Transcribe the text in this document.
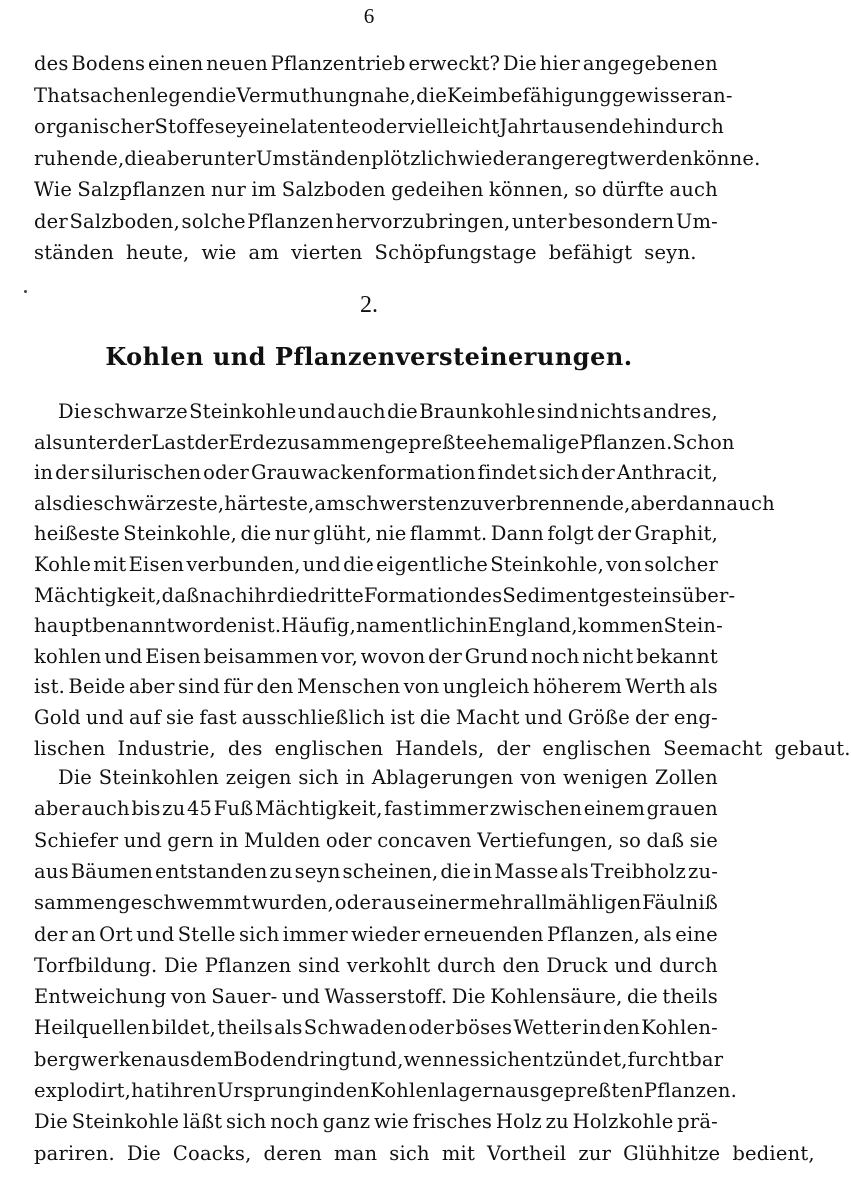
6
des Bodens einen neuen Pflanzentrieb erweckt? Die hier angegebenen
Thatsachen legen die Vermuthung nahe, die Keimbefähigung gewisser an-
organischer Stoffe sey eine latente oder vielleicht Jahrtausende hindurch
ruhende, die aber unter Umständen plötzlich wieder angeregt werden könne.
Wie Salzpflanzen nur im Salzboden gedeihen können, so dürfte auch
der Salzboden, solche Pflanzen hervorzubringen, unter besondern Um-
ständen heute, wie am vierten Schöpfungstage befähigt seyn.
2.
Kohlen und Pflanzenversteinerungen.
Die schwarze Steinkohle und auch die Braunkohle sind nichts andres,
als unter der Last der Erde zusammengepreßte ehemalige Pflanzen. Schon
in der silurischen oder Grauwackenformation findet sich der Anthracit,
als die schwärzeste, härteste, am schwersten zu verbrennende, aber dann auch
heißeste Steinkohle, die nur glüht, nie flammt. Dann folgt der Graphit,
Kohle mit Eisen verbunden, und die eigentliche Steinkohle, von solcher
Mächtigkeit, daß nach ihr die dritte Formation des Sedimentgesteins über-
haupt benannt worden ist. Häufig, namentlich in England, kommen Stein-
kohlen und Eisen beisammen vor, wovon der Grund noch nicht bekannt
ist. Beide aber sind für den Menschen von ungleich höherem Werth als
Gold und auf sie fast ausschließlich ist die Macht und Größe der eng-
lischen Industrie, des englischen Handels, der englischen Seemacht gebaut.
Die Steinkohlen zeigen sich in Ablagerungen von wenigen Zollen
aber auch bis zu 45 Fuß Mächtigkeit, fast immer zwischen einem grauen
Schiefer und gern in Mulden oder concaven Vertiefungen, so daß sie
aus Bäumen entstanden zu seyn scheinen, die in Masse als Treibholz zu-
sammengeschwemmt wurden, oder aus einer mehr allmähligen Fäulniß
der an Ort und Stelle sich immer wieder erneuenden Pflanzen, als eine
Torfbildung. Die Pflanzen sind verkohlt durch den Druck und durch
Entweichung von Sauer- und Wasserstoff. Die Kohlensäure, die theils
Heilquellen bildet, theils als Schwaden oder böses Wetter in den Kohlen-
bergwerken aus dem Boden dringt und, wenn es sich entzündet, furchtbar
explodirt, hat ihren Ursprung in den Kohlenlagern aus gepreßten Pflanzen.
Die Steinkohle läßt sich noch ganz wie frisches Holz zu Holzkohle prä-
pariren. Die Coacks, deren man sich mit Vortheil zur Glühhitze bedient,
